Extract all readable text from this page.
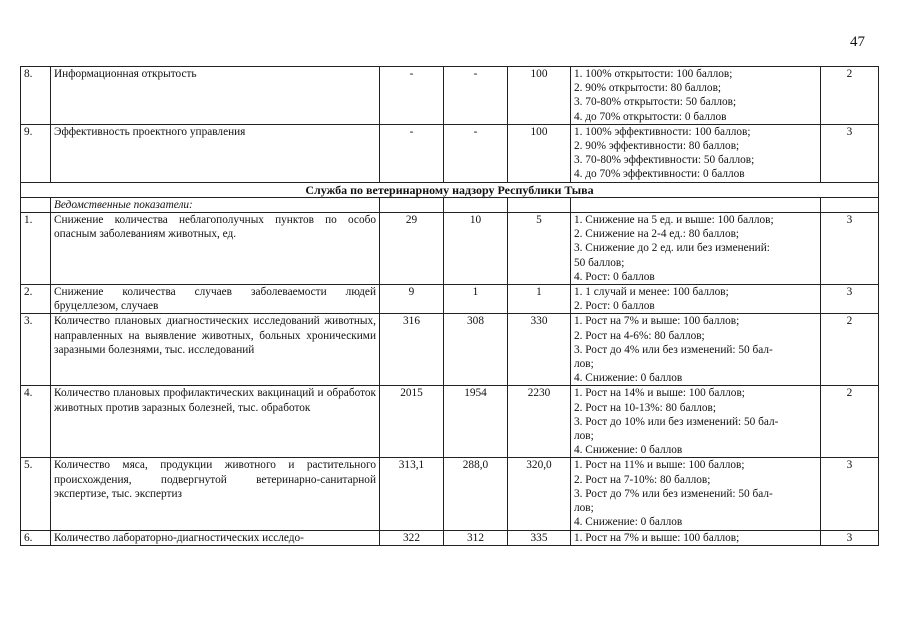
47
8.	Информационная открытость	-	-	100	1. 100% открытости: 100 баллов;
2. 90% открытости: 80 баллов;
3. 70-80% открытости: 50 баллов;
4. до 70% открытости: 0 баллов	2
9.	Эффективность проектного управления	-	-	100	1. 100% эффективности: 100 баллов;
2. 90% эффективности: 80 баллов;
3. 70-80% эффективности: 50 баллов;
4. до 70% эффективности: 0 баллов	3
Служба по ветеринарному надзору Республики Тыва						
	Ведомственные показатели:					
1.	Снижение количества неблагополучных пунктов по особо опасным заболеваниям животных, ед.	29	10	5	1. Снижение на 5 ед. и выше: 100 баллов;
2. Снижение на 2-4 ед.: 80 баллов;
3. Снижение до 2 ед. или без изменений:
50 баллов;
4. Рост: 0 баллов	3
2.	Снижение количества случаев заболеваемости людей бруцеллезом, случаев	9	1	1	1. 1 случай и менее: 100 баллов;
2. Рост: 0 баллов	3
3.	Количество плановых диагностических исследований животных, направленных на выявление животных, больных хроническими заразными болезнями, тыс. исследований	316	308	330	1. Рост на 7% и выше: 100 баллов;
2. Рост на 4-6%: 80 баллов;
3. Рост до 4% или без изменений: 50 бал-
лов;
4. Снижение: 0 баллов	2
4.	Количество плановых профилактических вакцинаций и обработок животных против заразных болезней, тыс. обработок	2015	1954	2230	1. Рост на 14% и выше: 100 баллов;
2. Рост на 10-13%: 80 баллов;
3. Рост до 10% или без изменений: 50 бал-
лов;
4. Снижение: 0 баллов	2
5.	Количество мяса, продукции животного и растительного происхождения, подвергнутой ветеринарно-санитарной экспертизе, тыс. экспертиз	313,1	288,0	320,0	1. Рост на 11% и выше: 100 баллов;
2. Рост на 7-10%: 80 баллов;
3. Рост до 7% или без изменений: 50 бал-
лов;
4. Снижение: 0 баллов	3
6.	Количество лабораторно-диагностических исследо-	322	312	335	1. Рост на 7% и выше: 100 баллов;	3
